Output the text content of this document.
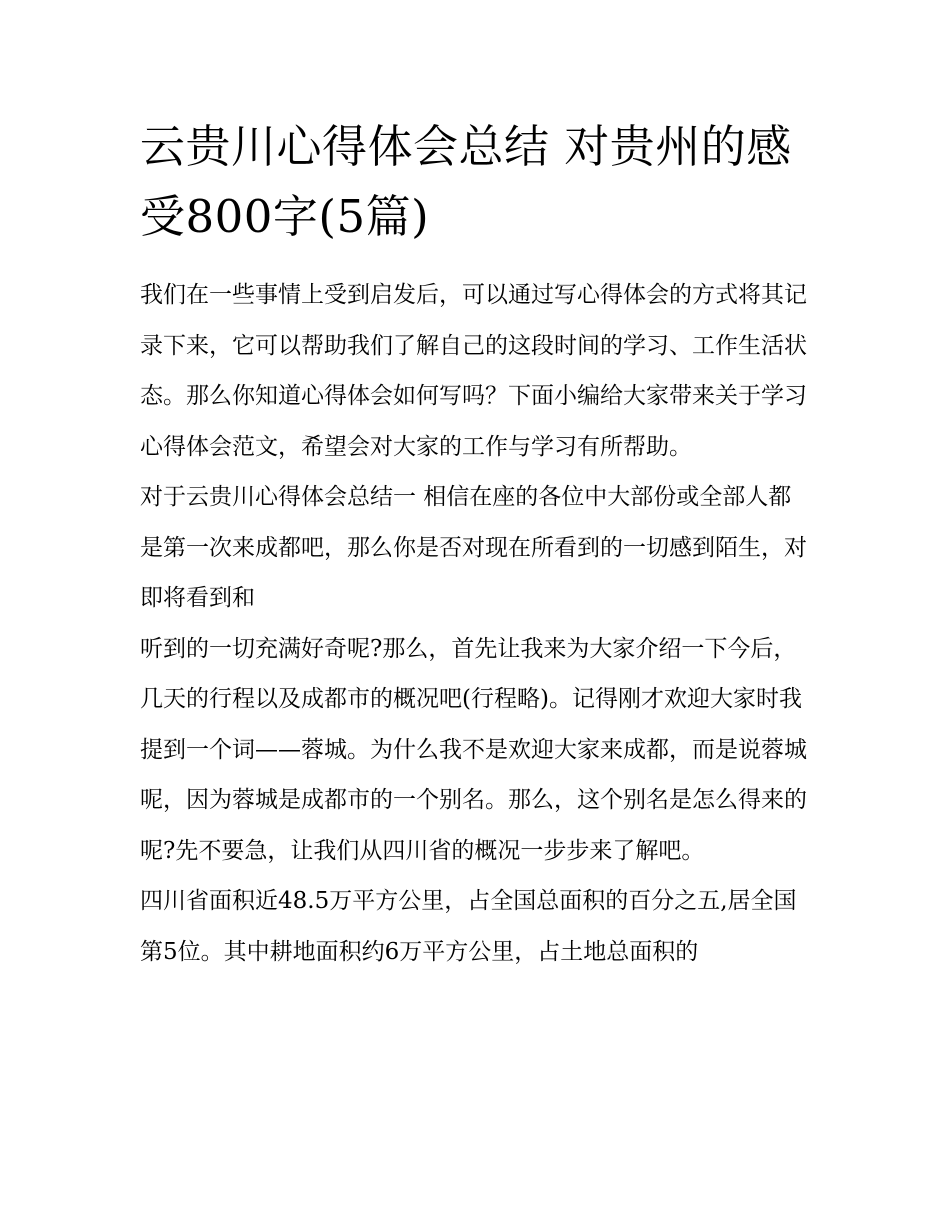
云贵川心得体会总结 对贵州的感受800字(5篇)

我们在一些事情上受到启发后，可以通过写心得体会的方式将其记录下来，它可以帮助我们了解自己的这段时间的学习、工作生活状态。那么你知道心得体会如何写吗？下面小编给大家带来关于学习心得体会范文，希望会对大家的工作与学习有所帮助。

对于云贵川心得体会总结一 相信在座的各位中大部份或全部人都是第一次来成都吧，那么你是否对现在所看到的一切感到陌生，对即将看到和

听到的一切充满好奇呢?那么，首先让我来为大家介绍一下今后，几天的行程以及成都市的概况吧(行程略)。记得刚才欢迎大家时我提到一个词——蓉城。为什么我不是欢迎大家来成都，而是说蓉城呢，因为蓉城是成都市的一个别名。那么，这个别名是怎么得来的呢?先不要急，让我们从四川省的概况一步步来了解吧。

四川省面积近48.5万平方公里，占全国总面积的百分之五,居全国第5位。其中耕地面积约6万平方公里，占土地总面积的
